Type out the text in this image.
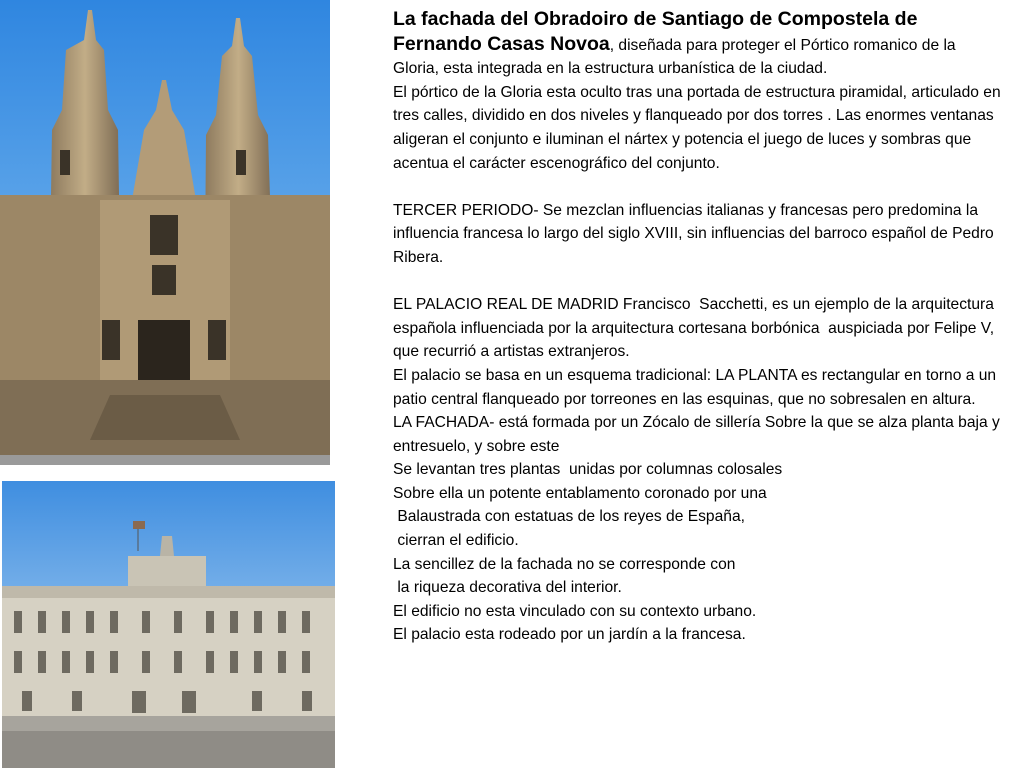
La fachada del Obradoiro de Santiago de Compostela de Fernando Casas Novoa, diseñada para proteger el Pórtico romanico de la Gloria, esta integrada en la estructura urbanística de la ciudad.

El pórtico de la Gloria esta oculto tras una portada de estructura piramidal, articulado en tres calles, dividido en dos niveles y flanqueado por dos torres . Las enormes ventanas aligeran el conjunto e iluminan el nártex y potencia el juego de luces y sombras que acentua el carácter escenográfico del conjunto.

TERCER PERIODO- Se mezclan influencias italianas y francesas pero predomina la influencia francesa lo largo del siglo XVIII, sin influencias del barroco español de Pedro Ribera.

EL PALACIO REAL DE MADRID Francisco  Sacchetti, es un ejemplo de la arquitectura española influenciada por la arquitectura cortesana borbónica  auspiciada por Felipe V, que recurrió a artistas extranjeros.

El palacio se basa en un esquema tradicional: LA PLANTA es rectangular en torno a un patio central flanqueado por torreones en las esquinas, que no sobresalen en altura.

LA FACHADA- está formada por un Zócalo de sillería Sobre la que se alza planta baja y entresuelo, y sobre este

Se levantan tres plantas  unidas por columnas colosales

Sobre ella un potente entablamento coronado por una

Balaustrada con estatuas de los reyes de España,

cierran el edificio.

La sencillez de la fachada no se corresponde con

la riqueza decorativa del interior.

El edificio no esta vinculado con su contexto urbano.

El palacio esta rodeado por un jardín a la francesa.
